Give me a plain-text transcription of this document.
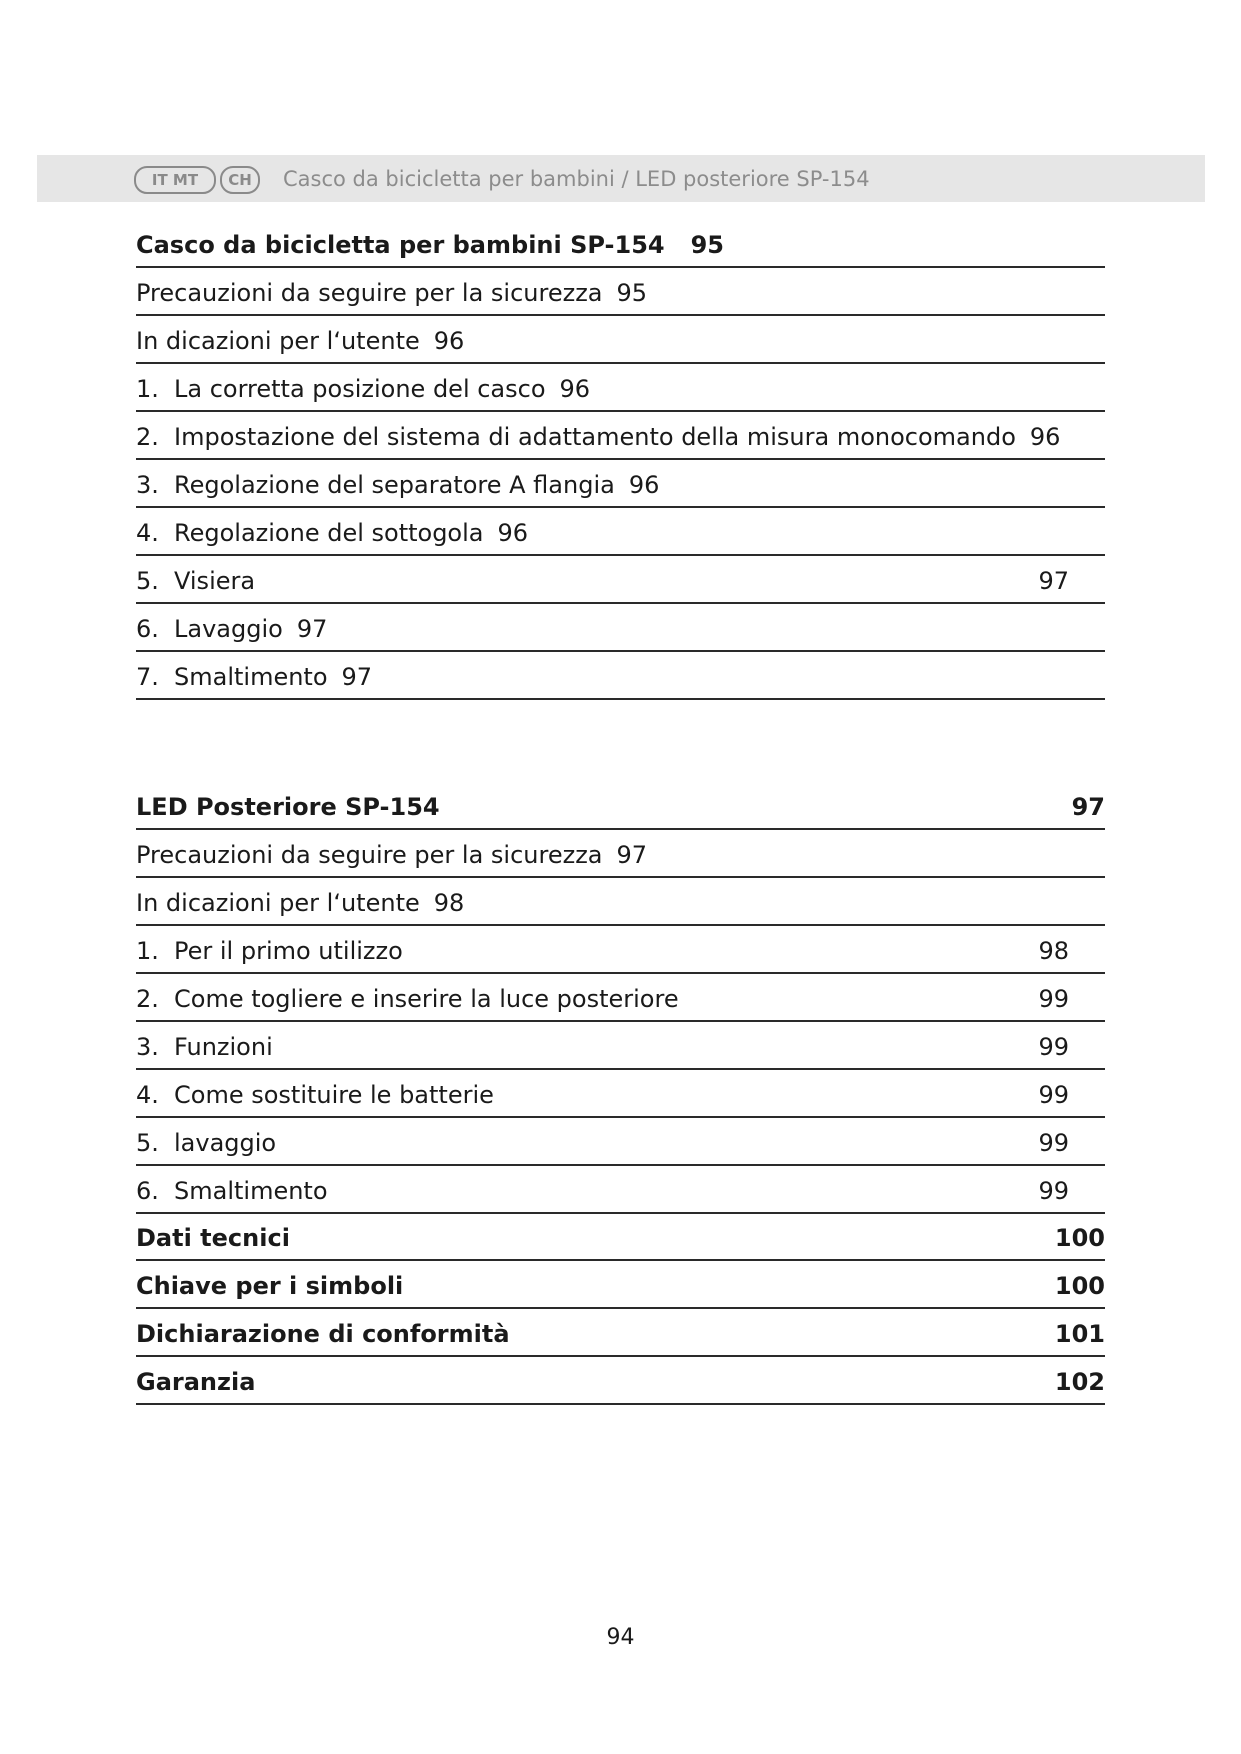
IT MT	CH	Casco da bicicletta per bambini / LED posteriore SP-154
Casco da bicicletta per bambini SP-154 95
Precauzioni da seguire per la sicurezza 95
In dicazioni per l‘utente 96
1. La corretta posizione del casco 96
2. Impostazione del sistema di adattamento della misura monocomando 96
3. Regolazione del separatore A flangia 96
4. Regolazione del sottogola 96
5. Visiera	97
6. Lavaggio 97
7. Smaltimento 97
LED Posteriore SP-154	97
Precauzioni da seguire per la sicurezza 97
In dicazioni per l‘utente 98
1. Per il primo utilizzo	98
2. Come togliere e inserire la luce posteriore	99
3. Funzioni	99
4. Come sostituire le batterie	99
5. lavaggio	99
6. Smaltimento	99
Dati tecnici	100
Chiave per i simboli	100
Dichiarazione di conformità	101
Garanzia	102
94
